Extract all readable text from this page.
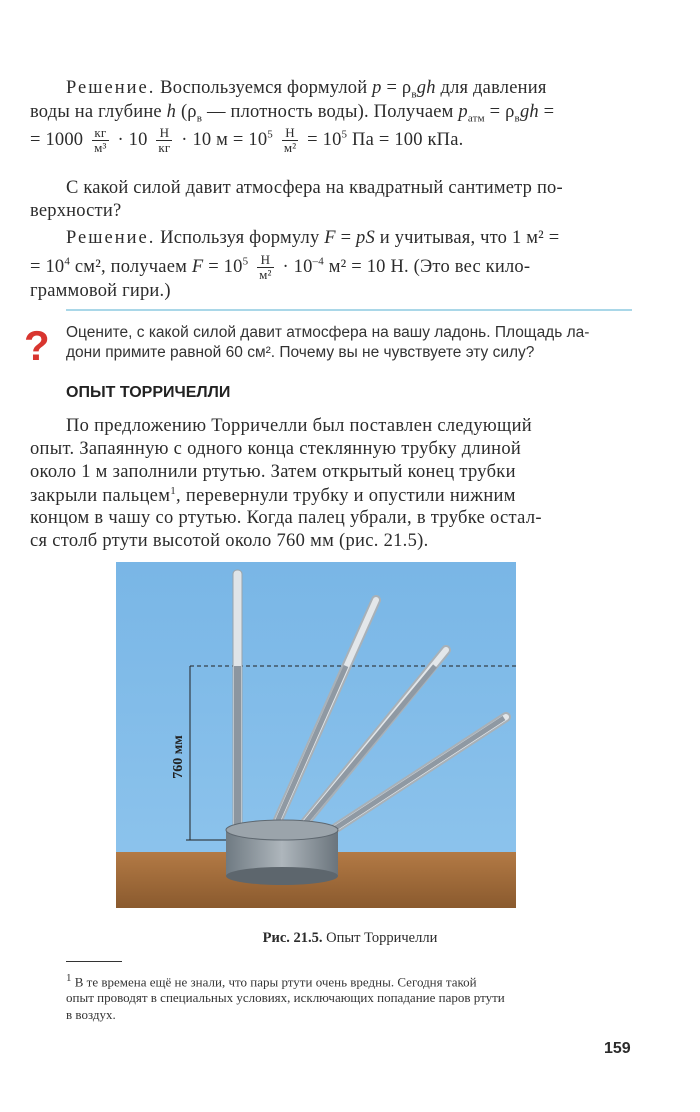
Решение. Воспользуемся формулой $p = \rho_вgh$ для давления
воды на глубине h ($\rho_в$ — плотность воды). Получаем $p_{атм} = \rho_вgh$ =
= $1000 \frac{кг}{\text{м³}} \cdot 10 \frac{Н}{кг} \cdot 10$ $м = 10^5 \frac{Н}{\text{м²}} = 10^5$ Па = 100 кПа.
С какой силой давит атмосфера на квадратный сантиметр по-
верхности?
Решение. Используя формулу F = pS и учитывая, что 1 м² =
= $10^4$ см², получаем $F = 10^5 \frac{Н}{\text{м²}} \cdot 10^{-4}$ м² = 10 Н. (Это вес кило-
граммовой гири.)
? Оцените, с какой силой давит атмосфера на вашу ладонь. Площадь ла-
дони примите равной 60 см². Почему вы не чувствуете эту силу?
ОПЫТ ТОРРИЧЕЛЛИ
По предложению Торричелли был поставлен следующий
опыт. Запаянную с одного конца стеклянную трубку длиной
около 1 м заполнили ртутью. Затем открытый конец трубки
закрыли пальцем$^1$, перевернули трубку и опустили нижним
концом в чашу со ртутью. Когда палец убрали, в трубке остал-
ся столб ртути высотой около 760 мм (рис. 21.5).
760 мм
Рис. 21.5. Опыт Торричелли
$^1$ В те времена ещё не знали, что пары ртути очень вредны. Сегодня такой
опыт проводят в специальных условиях, исключающих попадание паров ртути
в воздух.
159
